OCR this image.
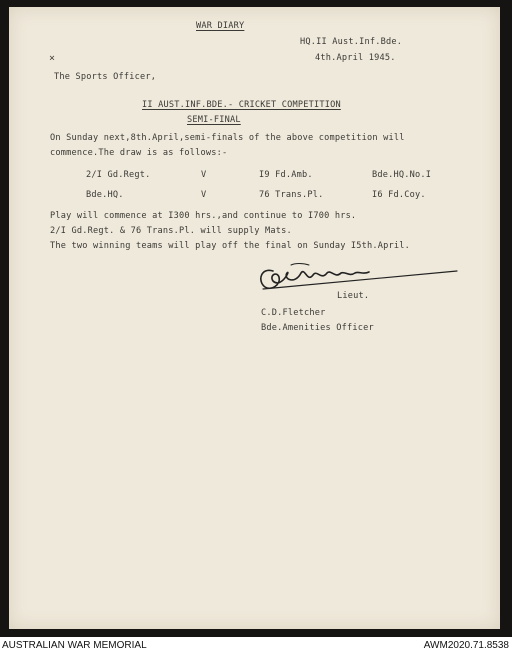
WAR DIARY
HQ.II Aust.Inf.Bde.
4th.April 1945.
⨯
The Sports Officer,
II AUST.INF.BDE.- CRICKET COMPETITION
SEMI-FINAL
On Sunday next,8th.April,semi-finals of the above competition will
commence.The draw is as follows:-
2/I Gd.Regt.	V	I9 Fd.Amb.	Bde.HQ.No.I
Bde.HQ.	V	76 Trans.Pl.	I6 Fd.Coy.
Play will commence at I300 hrs.,and continue to I700 hrs.
2/I Gd.Regt. & 76 Trans.Pl. will supply Mats.
The two winning teams will play off the final on Sunday I5th.April.
Lieut.
C.D.Fletcher
Bde.Amenities Officer
AUSTRALIAN WAR MEMORIAL	AWM2020.71.8538
